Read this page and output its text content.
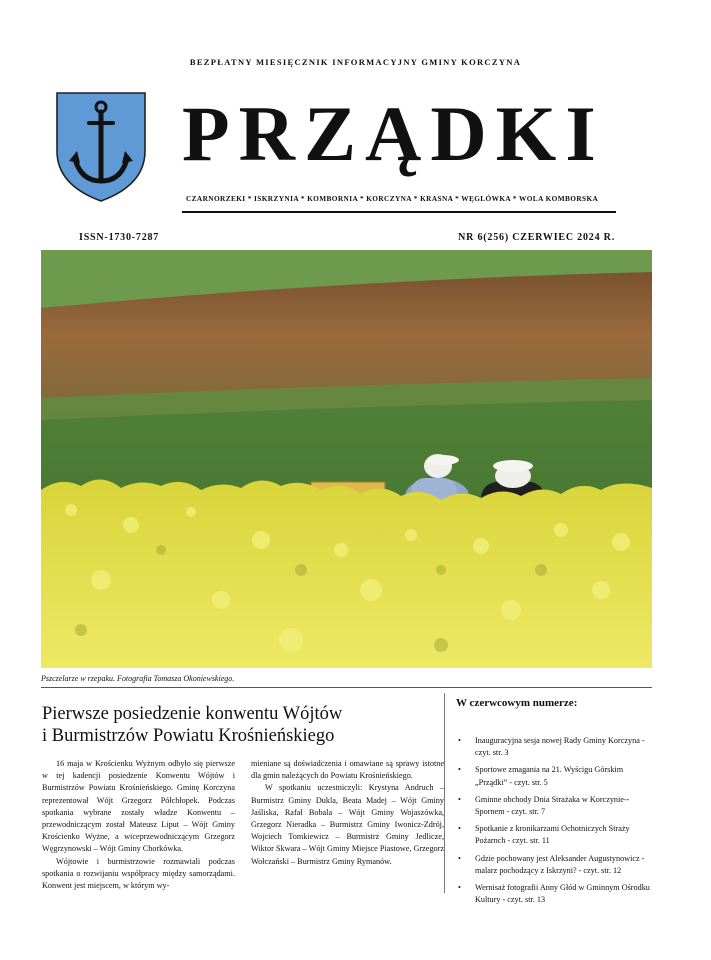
BEZPŁATNY MIESIĘCZNIK INFORMACYJNY GMINY KORCZYNA
PRZĄDKI
CZARNORZEKI * ISKRZYNIA * KOMBORNIA * KORCZYNA * KRASNA * WĘGLÓWKA * WOLA KOMBORSKA
ISSN-1730-7287	NR 6(256) CZERWIEC 2024 R.
Pszczelarze w rzepaku. Fotografia Tomasza Okoniewskiego.
Pierwsze posiedzenie konwentu Wójtów
i Burmistrzów Powiatu Krośnieńskiego

16 maja w Krościenku Wyżnym odbyło się pierwsze w tej kadencji posiedzenie Konwentu Wójtów i Burmistrzów Powiatu Krośnieńskiego. Gminę Korczyna reprezentował Wójt Grzegorz Półchłopek. Podczas spotkania wybrane zostały władze Konwentu – przewodniczącym został Mateusz Liput – Wójt Gminy Krościenko Wyżne, a wiceprzewodniczącym Grzegorz Węgrzynowski – Wójt Gminy Chorkówka.

Wójtowie i burmistrzowie rozmawiali podczas spotkania o rozwijaniu współpracy między samorządami. Konwent jest miejscem, w którym wy-

mieniane są doświadczenia i omawiane są sprawy istotne dla gmin należących do Powiatu Krośnieńskiego.

W spotkaniu uczestniczyli: Krystyna Andruch – Burmistrz Gminy Dukla, Beata Madej – Wójt Gminy Jaśliska, Rafał Bobala – Wójt Gminy Wojaszówka, Grzegorz Nieradka – Burmistrz Gminy Iwonicz-Zdrój, Wojciech Tomkiewicz – Burmistrz Gminy Jedlicze, Wiktor Skwara – Wójt Gminy Miejsce Piastowe, Grzegorz Wołczański – Burmistrz Gminy Rymanów.

W czerwcowym numerze:
• Inauguracyjna sesja nowej Rady Gminy Korczyna - czyt. str. 3
• Sportowe zmagania na 21. Wyścigu Górskim „Prządki” - czyt. str. 5
• Gminne obchody Dnia Strażaka w Korczynie--Spornem - czyt. str. 7
• Spotkanie z kronikarzami Ochotniczych Straży Pożarnch - czyt. str. 11
• Gdzie pochowany jest Aleksander Augustynowicz - malarz pochodzący z Iskrzyni? - czyt. str. 12
• Wernisaż fotografii Anny Głód w Gminnym Ośrodku Kultury - czyt. str. 13
